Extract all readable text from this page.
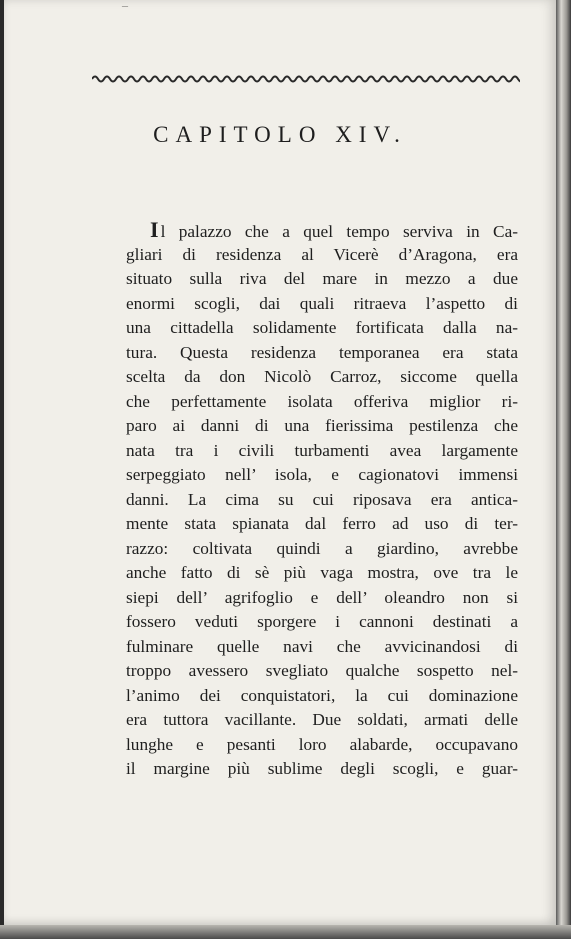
¯
CAPITOLO XIV.
I l palazzo che a quel tempo serviva in Ca-
gliari di residenza al Vicerè d’Aragona, era
situato sulla riva del mare in mezzo a due
enormi scogli, dai quali ritraeva l’aspetto di
una cittadella solidamente fortificata dalla na-
tura. Questa residenza temporanea era stata
scelta da don Nicolò Carroz, siccome quella
che perfettamente isolata offeriva miglior ri-
paro ai danni di una fierissima pestilenza che
nata tra i civili turbamenti avea largamente
serpeggiato nell’ isola, e cagionatovi immensi
danni. La cima su cui riposava era antica-
mente stata spianata dal ferro ad uso di ter-
razzo: coltivata quindi a giardino, avrebbe
anche fatto di sè più vaga mostra, ove tra le
siepi dell’ agrifoglio e dell’ oleandro non si
fossero veduti sporgere i cannoni destinati a
fulminare quelle navi che avvicinandosi di
troppo avessero svegliato qualche sospetto nel-
l’animo dei conquistatori, la cui dominazione
era tuttora vacillante. Due soldati, armati delle
lunghe e pesanti loro alabarde, occupavano
il margine più sublime degli scogli, e guar-
